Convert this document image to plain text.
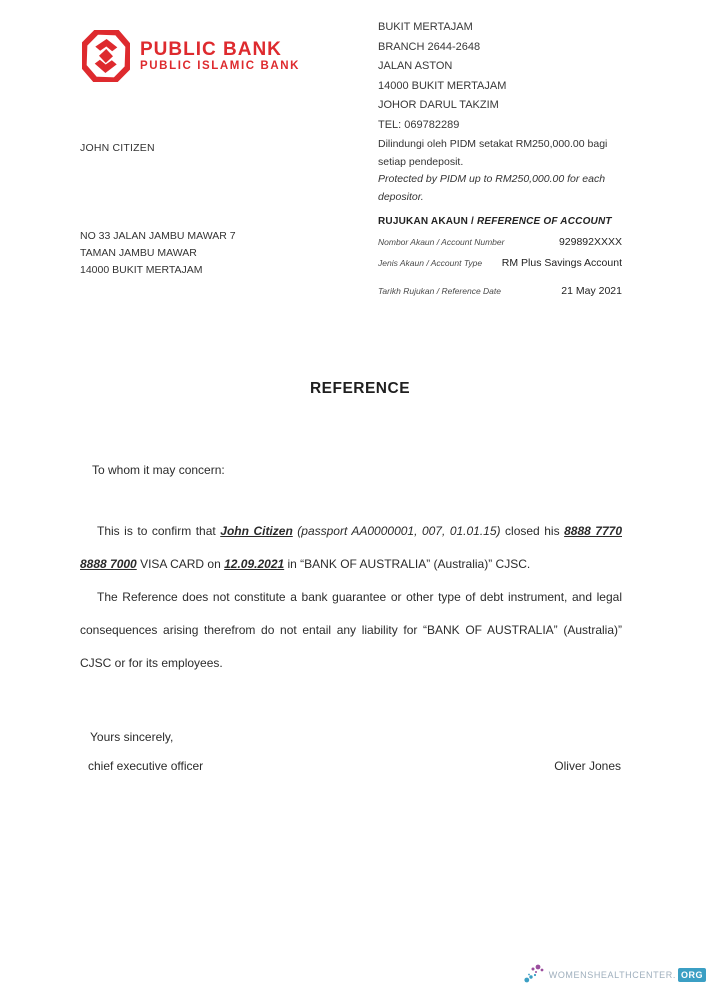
PUBLIC BANK
PUBLIC ISLAMIC BANK
BUKIT MERTAJAM
BRANCH 2644-2648
JALAN ASTON
14000 BUKIT MERTAJAM
JOHOR DARUL TAKZIM
TEL: 069782289
JOHN CITIZEN	Dilindungi oleh PIDM setakat RM250,000.00 bagi setiap pendeposit.
Protected by PIDM up to RM250,000.00 for each depositor.
NO 33 JALAN JAMBU MAWAR 7
TAMAN JAMBU MAWAR
14000 BUKIT MERTAJAM
RUJUKAN AKAUN / REFERENCE OF ACCOUNT
Nombor Akaun / Account Number	929892XXXX
Jenis Akaun / Account Type RM Plus Savings Account
Tarikh Rujukan / Reference Date	21 May 2021
REFERENCE
To whom it may concern:

This is to confirm that John Citizen (passport AA0000001, 007, 01.01.15) closed his 8888 7770 8888 7000 VISA CARD on 12.09.2021 in “BANK OF AUSTRALIA” (Australia)” CJSC.

The Reference does not constitute a bank guarantee or other type of debt instrument, and legal consequences arising therefrom do not entail any liability for “BANK OF AUSTRALIA” (Australia)” CJSC or for its employees.

Yours sincerely,
chief executive officer	Oliver Jones
WOMENSHEALTHCENTER. ORG
